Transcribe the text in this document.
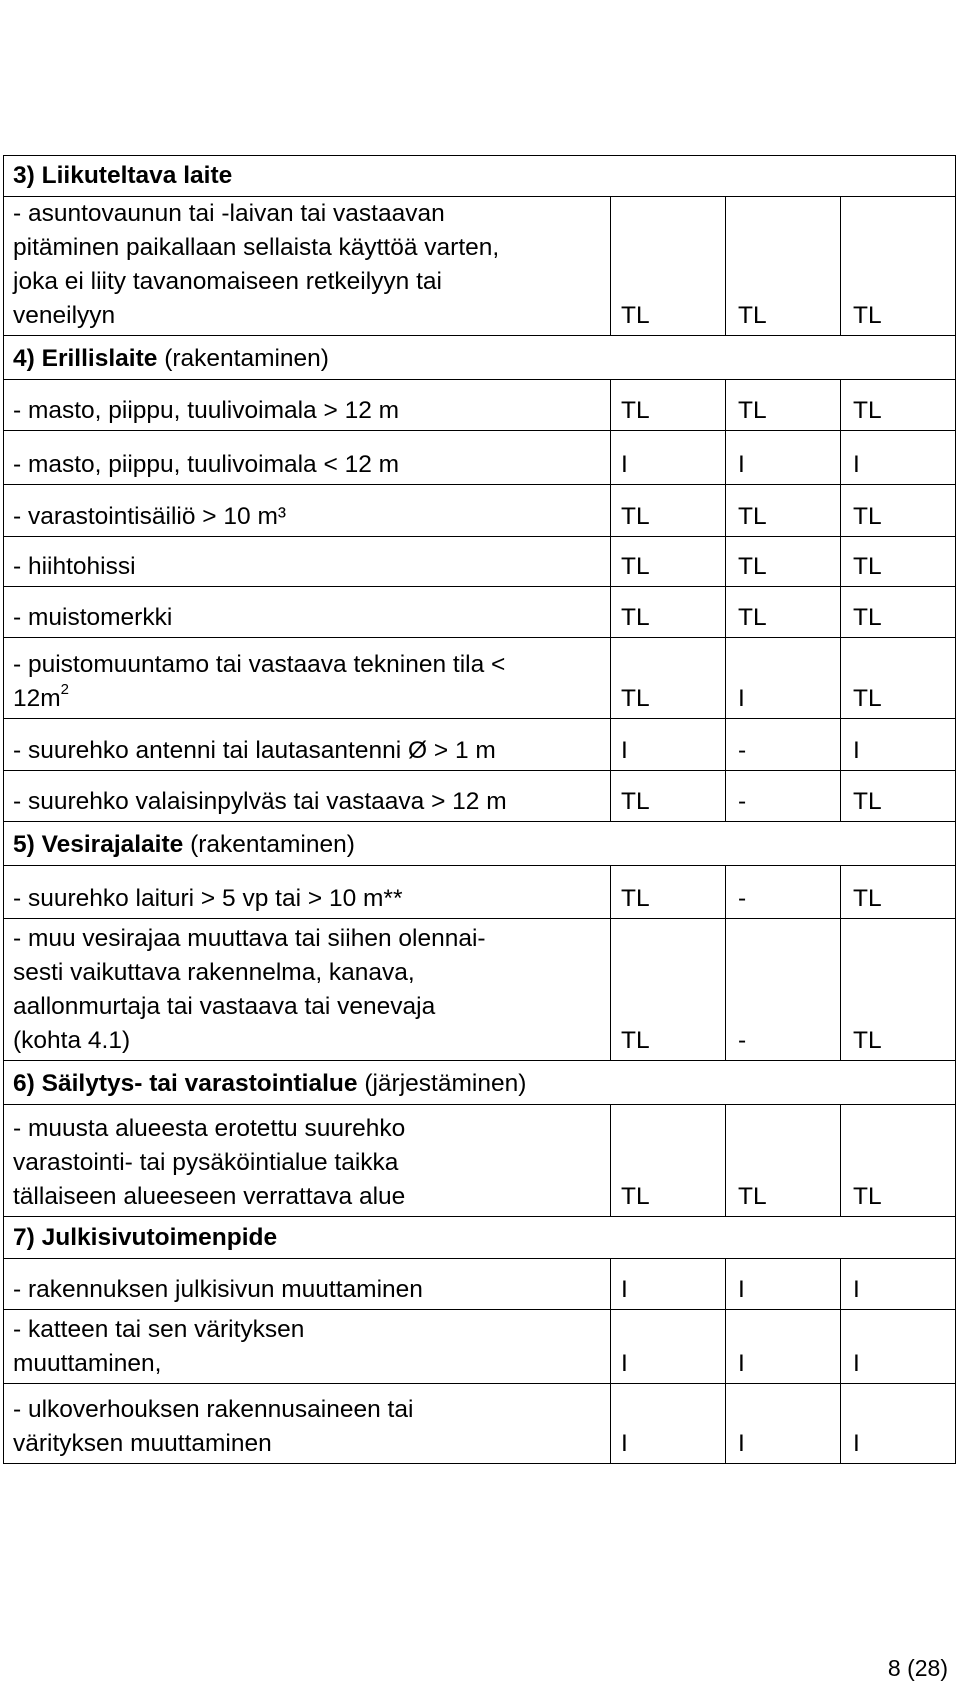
3) Liikuteltava laite			

- asuntovaunun tai -laivan tai vastaavan
pitäminen paikallaan sellaista käyttöä varten,
joka ei liity tavanomaiseen retkeilyyn tai
veneilyyn	TL	TL	TL
4) Erillislaite (rakentaminen)			

- masto, piippu, tuulivoimala > 12 m	TL	TL	TL

- masto, piippu, tuulivoimala < 12 m	I	I	I

- varastointisäiliö > 10 m³	TL	TL	TL

- hiihtohissi	TL	TL	TL

- muistomerkki	TL	TL	TL

- puistomuuntamo tai vastaava tekninen tila <
$12m^2$	TL	I	TL

- suurehko antenni tai lautasantenni Ø > 1 m	I	-	I

- suurehko valaisinpylväs tai vastaava > 12 m	TL	-	TL
5) Vesirajalaite (rakentaminen)			

- suurehko laituri > 5 vp tai > 10 m**	TL	-	TL

- muu vesirajaa muuttava tai siihen olennai-
sesti vaikuttava rakennelma, kanava,
aallonmurtaja tai vastaava tai venevaja
(kohta 4.1)	TL	-	TL
6) Säilytys- tai varastointialue (järjestäminen)			

- muusta alueesta erotettu suurehko
varastointi- tai pysäköintialue taikka
tällaiseen alueeseen verrattava alue	TL	TL	TL
7) Julkisivutoimenpide			

- rakennuksen julkisivun muuttaminen	I	I	I

- katteen tai sen värityksen
muuttaminen,	I	I	I

- ulkoverhouksen rakennusaineen tai
värityksen muuttaminen	I	I	I
8 (28)
